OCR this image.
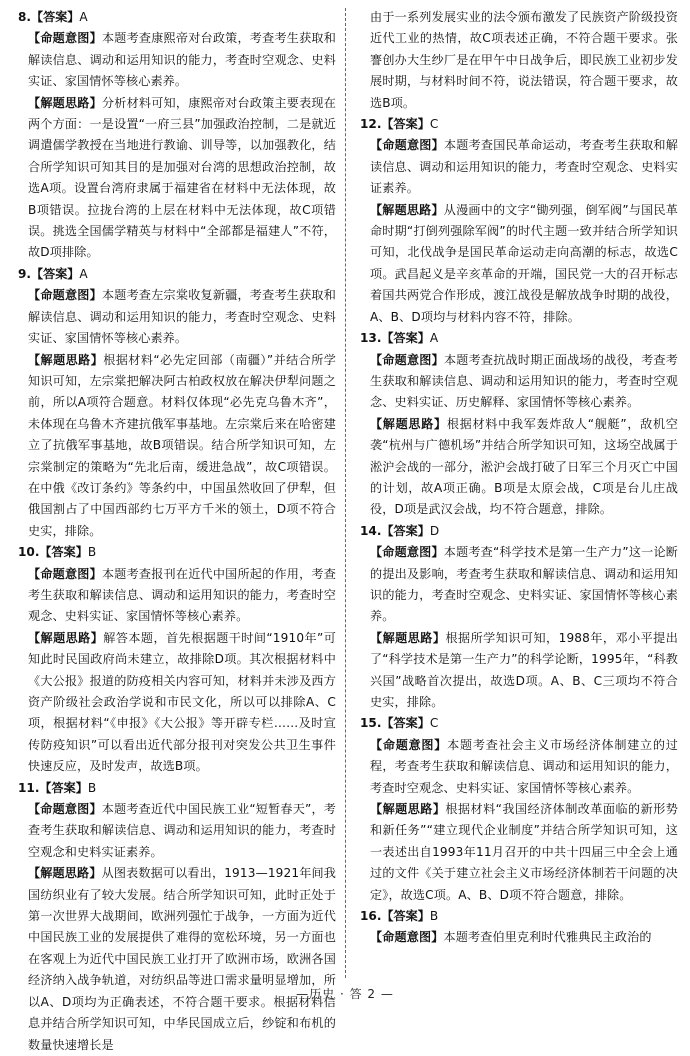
8.【答案】A
【命题意图】本题考查康熙帝对台政策，考查考生获取和解读信息、调动和运用知识的能力，考查时空观念、史料实证、家国情怀等核心素养。
【解题思路】分析材料可知，康熙帝对台政策主要表现在两个方面：一是设置“一府三县”加强政治控制，二是就近调遣儒学教授在当地进行教谕、训导等，以加强教化，结合所学知识可知其目的是加强对台湾的思想政治控制，故选A项。设置台湾府隶属于福建省在材料中无法体现，故B项错误。拉拢台湾的上层在材料中无法体现，故C项错误。挑选全国儒学精英与材料中“全部都是福建人”不符，故D项排除。
9.【答案】A
【命题意图】本题考查左宗棠收复新疆，考查考生获取和解读信息、调动和运用知识的能力，考查时空观念、史料实证、家国情怀等核心素养。
【解题思路】根据材料“必先定回部（南疆）”并结合所学知识可知，左宗棠把解决阿古柏政权放在解决伊犁问题之前，所以A项符合题意。材料仅体现“必先克乌鲁木齐”，未体现在乌鲁木齐建抗俄军事基地。左宗棠后来在哈密建立了抗俄军事基地，故B项错误。结合所学知识可知，左宗棠制定的策略为“先北后南，缓进急战”，故C项错误。在中俄《改订条约》等条约中，中国虽然收回了伊犁，但俄国割占了中国西部约七万平方千米的领土，D项不符合史实，排除。
10.【答案】B
【命题意图】本题考查报刊在近代中国所起的作用，考查考生获取和解读信息、调动和运用知识的能力，考查时空观念、史料实证、家国情怀等核心素养。
【解题思路】解答本题，首先根据题干时间“1910年”可知此时民国政府尚未建立，故排除D项。其次根据材料中《大公报》报道的防疫相关内容可知，材料并未涉及西方资产阶级社会政治学说和市民文化，所以可以排除A、C项，根据材料“《申报》《大公报》等开辟专栏……及时宣传防疫知识”可以看出近代部分报刊对突发公共卫生事件快速反应，及时发声，故选B项。
11.【答案】B
【命题意图】本题考查近代中国民族工业“短暂春天”，考查考生获取和解读信息、调动和运用知识的能力，考查时空观念和史料实证素养。
【解题思路】从图表数据可以看出，1913—1921年间我国纺织业有了较大发展。结合所学知识可知，此时正处于第一次世界大战期间，欧洲列强忙于战争，一方面为近代中国民族工业的发展提供了难得的宽松环境，另一方面也在客观上为近代中国民族工业打开了欧洲市场，欧洲各国经济纳入战争轨道，对纺织品等进口需求量明显增加，所以A、D项均为正确表述，不符合题干要求。根据材料信息并结合所学知识可知，中华民国成立后，纱锭和布机的数量快速增长是
由于一系列发展实业的法令颁布激发了民族资产阶级投资近代工业的热情，故C项表述正确，不符合题干要求。张謇创办大生纱厂是在甲午中日战争后，即民族工业初步发展时期，与材料时间不符，说法错误，符合题干要求，故选B项。
12.【答案】C
【命题意图】本题考查国民革命运动，考查考生获取和解读信息、调动和运用知识的能力，考查时空观念、史料实证素养。
【解题思路】从漫画中的文字“锄列强，倒军阀”与国民革命时期“打倒列强除军阀”的时代主题一致并结合所学知识可知，北伐战争是国民革命运动走向高潮的标志，故选C项。武昌起义是辛亥革命的开端，国民党一大的召开标志着国共两党合作形成，渡江战役是解放战争时期的战役，A、B、D项均与材料内容不符，排除。
13.【答案】A
【命题意图】本题考查抗战时期正面战场的战役，考查考生获取和解读信息、调动和运用知识的能力，考查时空观念、史料实证、历史解释、家国情怀等核心素养。
【解题思路】根据材料中我军轰炸敌人“舰艇”，敌机空袭“杭州与广德机场”并结合所学知识可知，这场空战属于淞沪会战的一部分，淞沪会战打破了日军三个月灭亡中国的计划，故A项正确。B项是太原会战，C项是台儿庄战役，D项是武汉会战，均不符合题意，排除。
14.【答案】D
【命题意图】本题考查“科学技术是第一生产力”这一论断的提出及影响，考查考生获取和解读信息、调动和运用知识的能力，考查时空观念、史料实证、家国情怀等核心素养。
【解题思路】根据所学知识可知，1988年，邓小平提出了“科学技术是第一生产力”的科学论断，1995年，“科教兴国”战略首次提出，故选D项。A、B、C三项均不符合史实，排除。
15.【答案】C
【命题意图】本题考查社会主义市场经济体制建立的过程，考查考生获取和解读信息、调动和运用知识的能力，考查时空观念、史料实证、家国情怀等核心素养。
【解题思路】根据材料“我国经济体制改革面临的新形势和新任务”“建立现代企业制度”并结合所学知识可知，这一表述出自1993年11月召开的中共十四届三中全会上通过的文件《关于建立社会主义市场经济体制若干问题的决定》，故选C项。A、B、D项不符合题意，排除。
16.【答案】B
【命题意图】本题考查伯里克利时代雅典民主政治的
—历史 · 答 2 —
